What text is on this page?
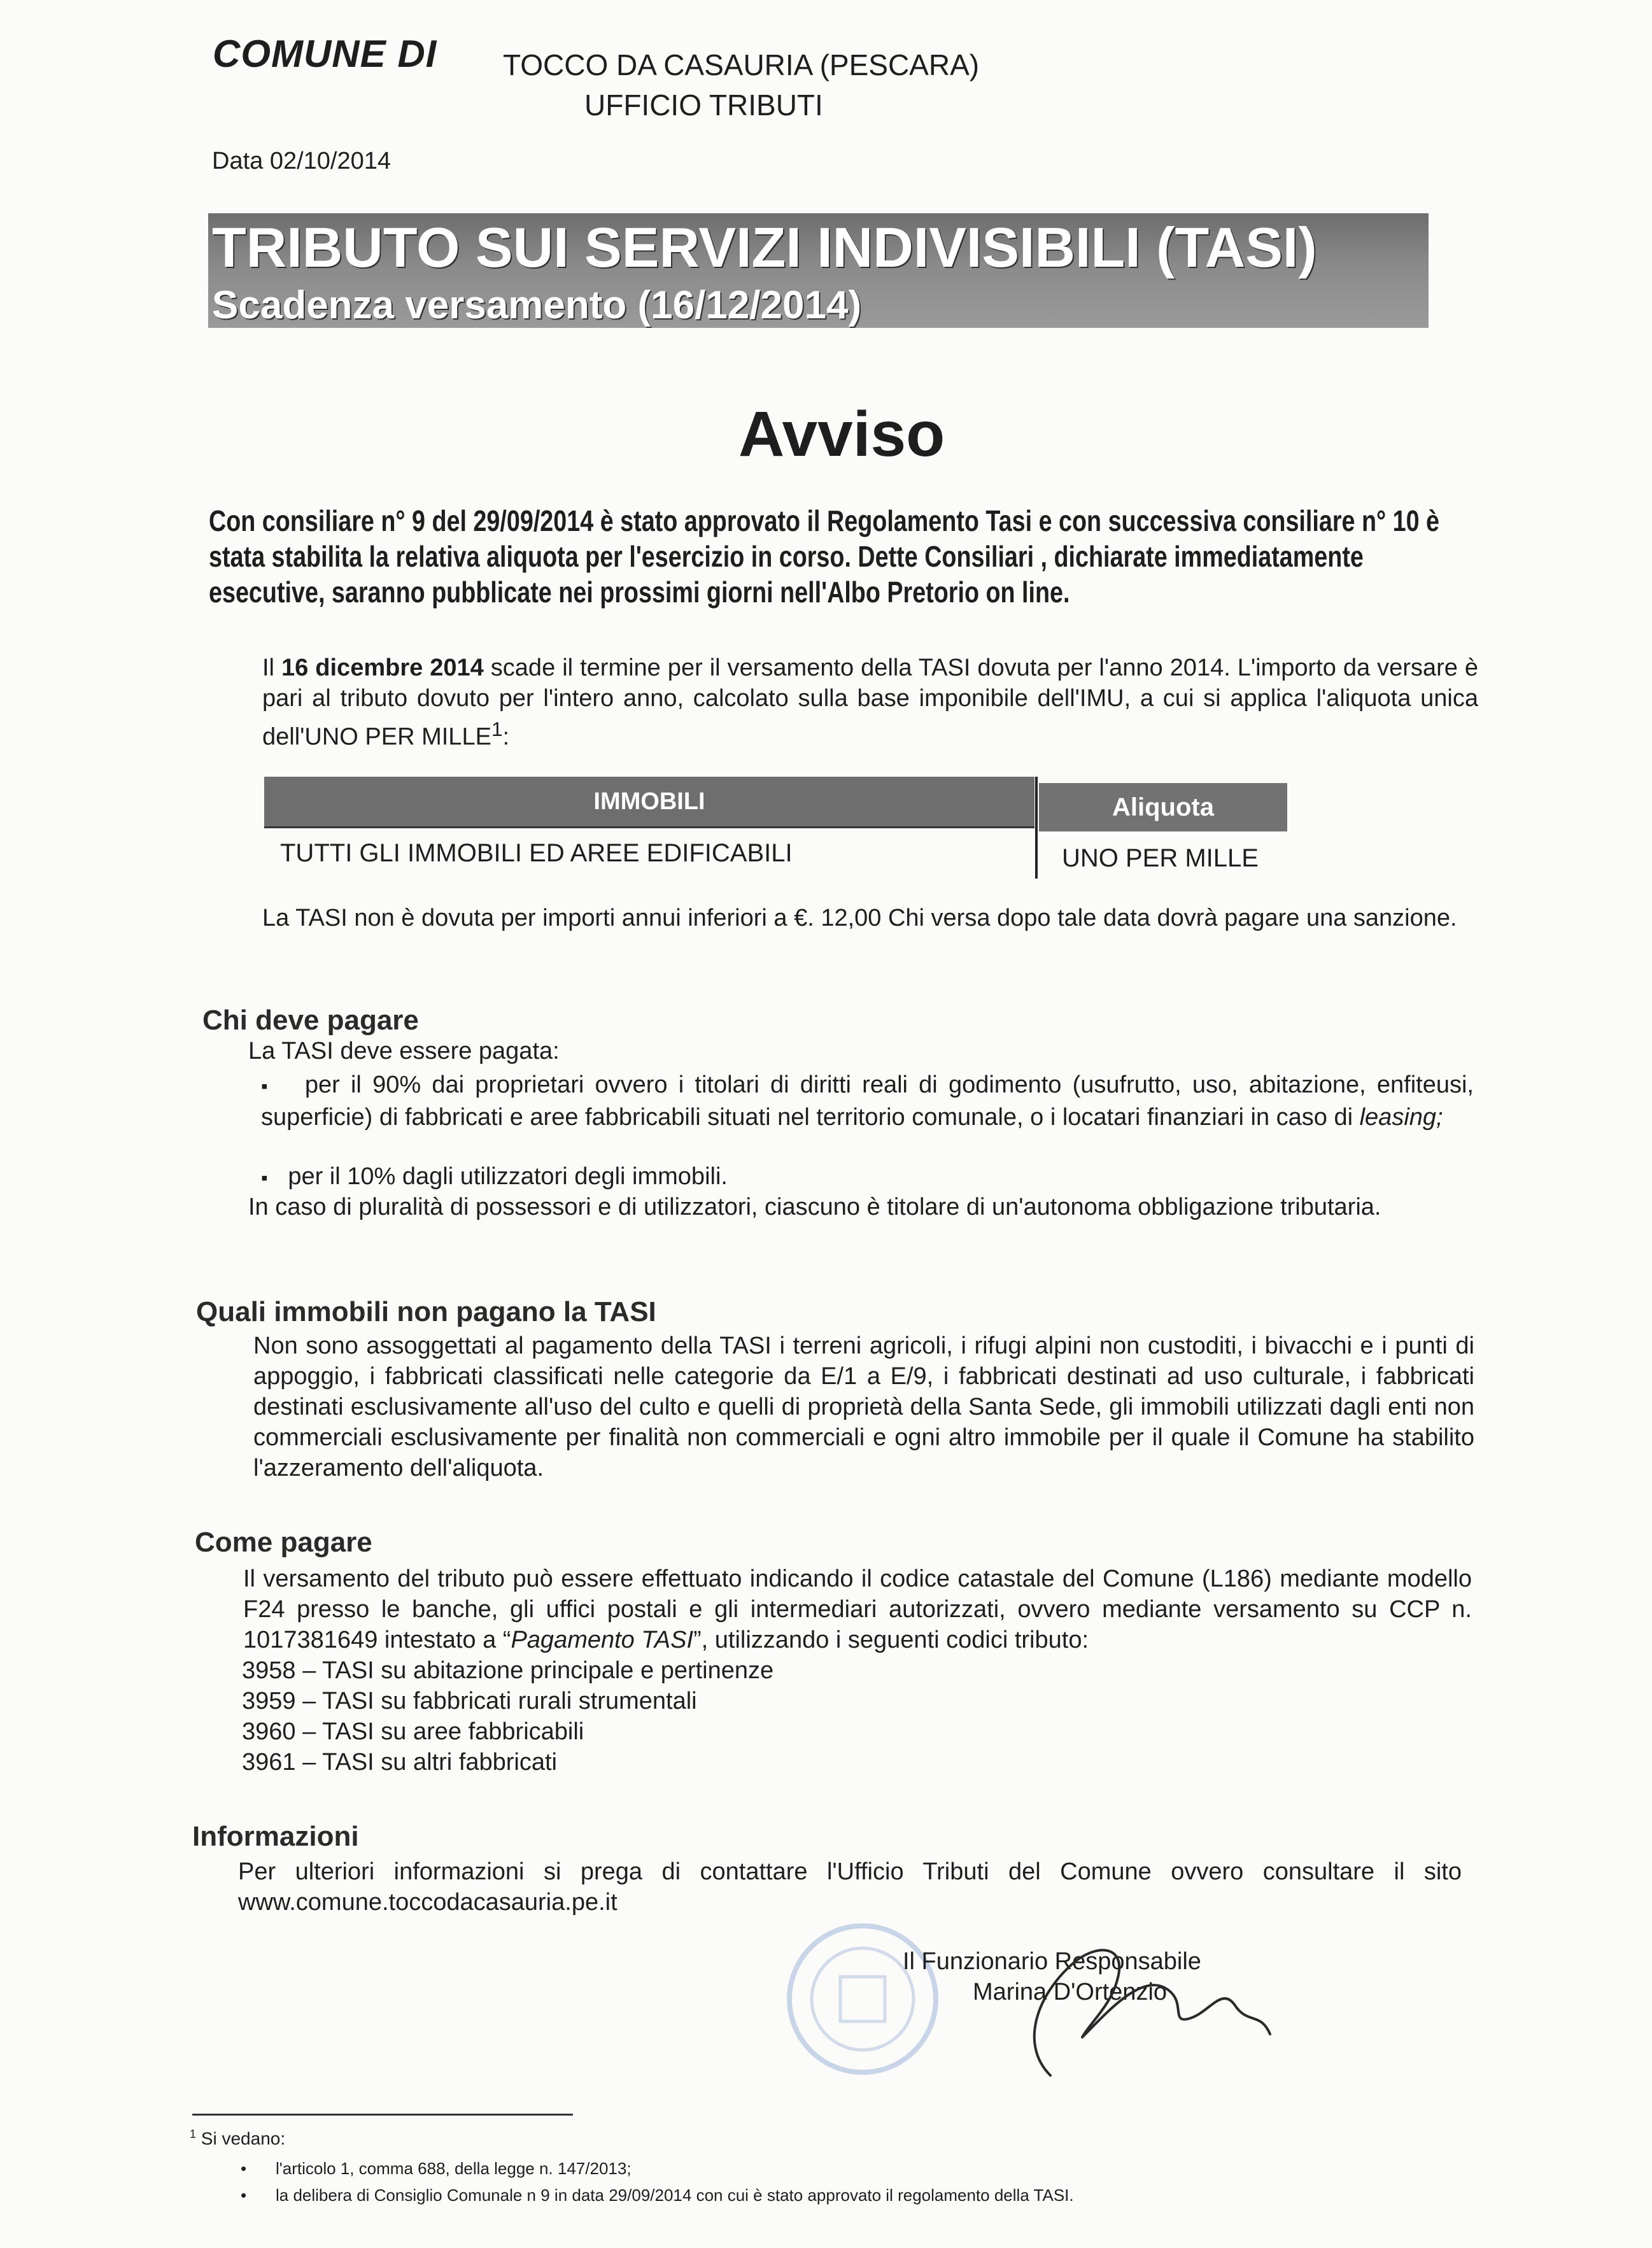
COMUNE DI TOCCO DA CASAURIA (PESCARA)
UFFICIO TRIBUTI
Data 02/10/2014
TRIBUTO SUI SERVIZI INDIVISIBILI (TASI)
Scadenza versamento (16/12/2014)
Avviso
Con consiliare n° 9 del 29/09/2014 è stato approvato il Regolamento Tasi e con successiva consiliare n° 10 è stata stabilita la relativa aliquota per l'esercizio in corso. Dette Consiliari , dichiarate immediatamente esecutive, saranno pubblicate nei prossimi giorni nell'Albo Pretorio on line.
Il 16 dicembre 2014 scade il termine per il versamento della TASI dovuta per l'anno 2014. L'importo da versare è pari al tributo dovuto per l'intero anno, calcolato sulla base imponibile dell'IMU, a cui si applica l'aliquota unica dell'UNO PER MILLE$^1$:
IMMOBILI	Aliquota
TUTTI GLI IMMOBILI ED AREE EDIFICABILI	UNO PER MILLE
La TASI non è dovuta per importi annui inferiori a €. 12,00 Chi versa dopo tale data dovrà pagare una sanzione.
Chi deve pagare
La TASI deve essere pagata:
▪ per il 90% dai proprietari ovvero i titolari di diritti reali di godimento (usufrutto, uso, abitazione, enfiteusi, superficie) di fabbricati e aree fabbricabili situati nel territorio comunale, o i locatari finanziari in caso di leasing;
▪ per il 10% dagli utilizzatori degli immobili.
In caso di pluralità di possessori e di utilizzatori, ciascuno è titolare di un'autonoma obbligazione tributaria.
Quali immobili non pagano la TASI
Non sono assoggettati al pagamento della TASI i terreni agricoli, i rifugi alpini non custoditi, i bivacchi e i punti di appoggio, i fabbricati classificati nelle categorie da E/1 a E/9, i fabbricati destinati ad uso culturale, i fabbricati destinati esclusivamente all'uso del culto e quelli di proprietà della Santa Sede, gli immobili utilizzati dagli enti non commerciali esclusivamente per finalità non commerciali e ogni altro immobile per il quale il Comune ha stabilito l'azzeramento dell'aliquota.
Come pagare
Il versamento del tributo può essere effettuato indicando il codice catastale del Comune (L186) mediante modello F24 presso le banche, gli uffici postali e gli intermediari autorizzati, ovvero mediante versamento su CCP n. 1017381649 intestato a “Pagamento TASI”, utilizzando i seguenti codici tributo:
3958 – TASI su abitazione principale e pertinenze
3959 – TASI su fabbricati rurali strumentali
3960 – TASI su aree fabbricabili
3961 – TASI su altri fabbricati
Informazioni
Per ulteriori informazioni si prega di contattare l'Ufficio Tributi del Comune ovvero consultare il sito www.comune.toccodacasauria.pe.it
Il Funzionario Responsabile
Marina D'Ortenzio
$^1$ Si vedano:
• l'articolo 1, comma 688, della legge n. 147/2013;
• la delibera di Consiglio Comunale n 9 in data 29/09/2014 con cui è stato approvato il regolamento della TASI.
